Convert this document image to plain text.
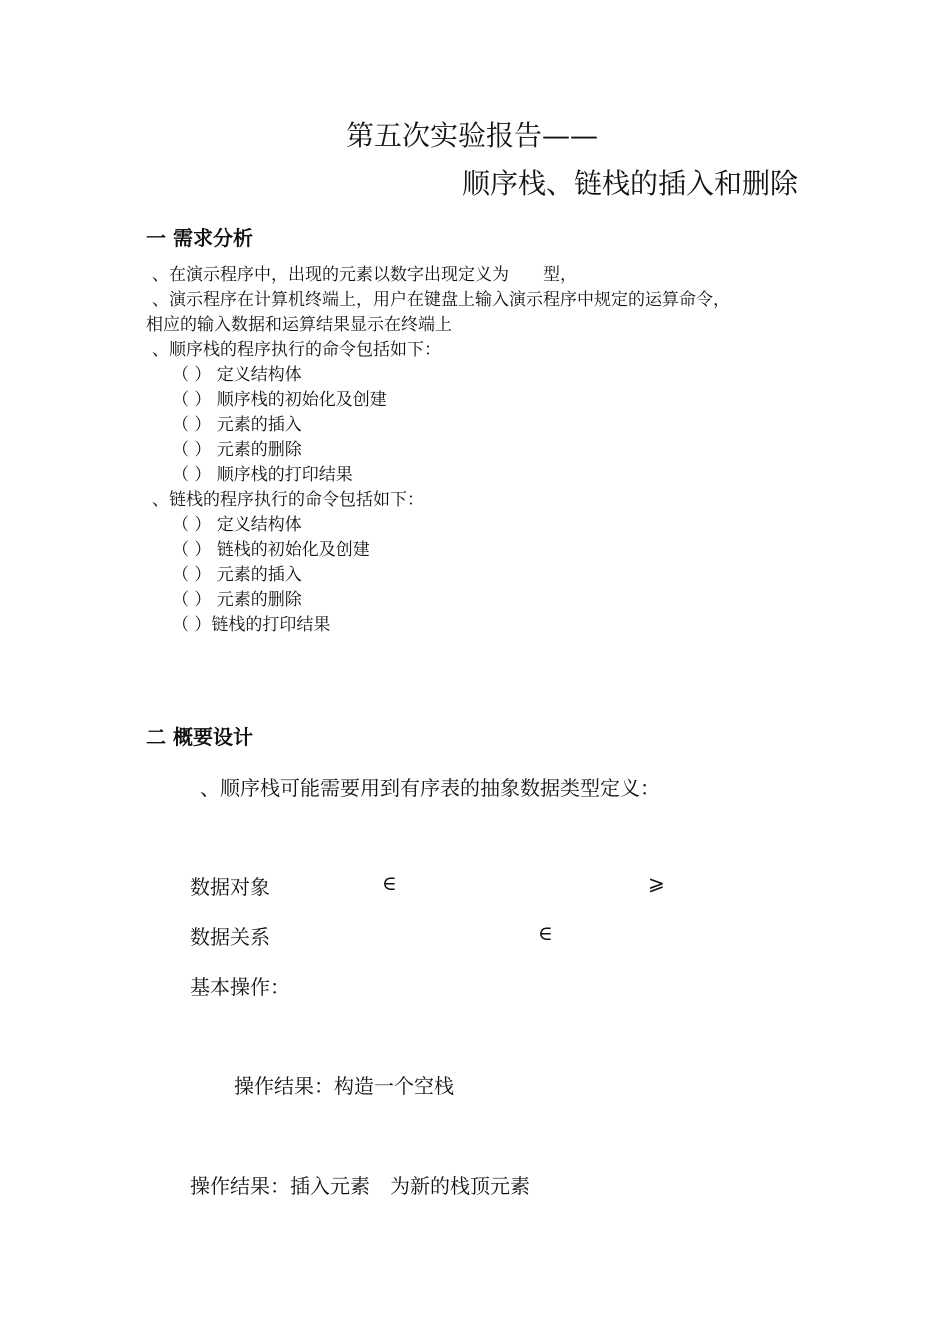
第五次实验报告——
顺序栈、链栈的插入和删除
一 需求分析
、在演示程序中，出现的元素以数字出现定义为　　型，
、演示程序在计算机终端上，用户在键盘上输入演示程序中规定的运算命令，
相应的输入数据和运算结果显示在终端上
、顺序栈的程序执行的命令包括如下：
（ ） 定义结构体
（ ） 顺序栈的初始化及创建
（ ） 元素的插入
（ ） 元素的删除
（ ） 顺序栈的打印结果
、链栈的程序执行的命令包括如下：
（ ） 定义结构体
（ ） 链栈的初始化及创建
（ ） 元素的插入
（ ） 元素的删除
（ ）链栈的打印结果
二 概要设计
、顺序栈可能需要用到有序表的抽象数据类型定义：
数据对象	∈	⩾
数据关系	∈
基本操作：
操作结果：构造一个空栈
操作结果：插入元素　为新的栈顶元素
